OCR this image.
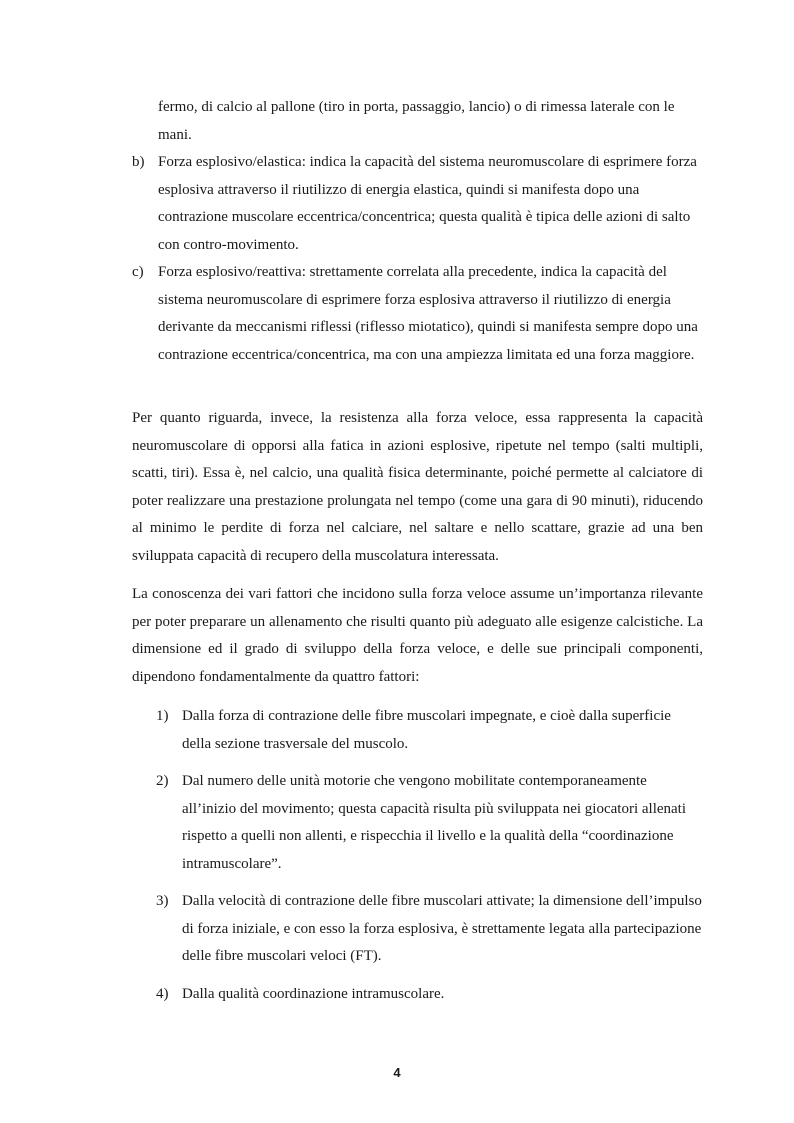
fermo, di calcio al pallone (tiro in porta, passaggio, lancio) o di rimessa laterale con le mani.

b) Forza esplosivo/elastica: indica la capacità del sistema neuromuscolare di esprimere forza esplosiva attraverso il riutilizzo di energia elastica, quindi si manifesta dopo una contrazione muscolare eccentrica/concentrica; questa qualità è tipica delle azioni di salto con contro-movimento.
c) Forza esplosivo/reattiva: strettamente correlata alla precedente, indica la capacità del sistema neuromuscolare di esprimere forza esplosiva attraverso il riutilizzo di energia derivante da meccanismi riflessi (riflesso miotatico), quindi si manifesta sempre dopo una contrazione eccentrica/concentrica, ma con una ampiezza limitata ed una forza maggiore.

Per quanto riguarda, invece, la resistenza alla forza veloce, essa rappresenta la capacità neuromuscolare di opporsi alla fatica in azioni esplosive, ripetute nel tempo (salti multipli, scatti, tiri). Essa è, nel calcio, una qualità fisica determinante, poiché permette al calciatore di poter realizzare una prestazione prolungata nel tempo (come una gara di 90 minuti), riducendo al minimo le perdite di forza nel calciare, nel saltare e nello scattare, grazie ad una ben sviluppata capacità di recupero della muscolatura interessata.

La conoscenza dei vari fattori che incidono sulla forza veloce assume un’importanza rilevante per poter preparare un allenamento che risulti quanto più adeguato alle esigenze calcistiche. La dimensione ed il grado di sviluppo della forza veloce, e delle sue principali componenti, dipendono fondamentalmente da quattro fattori:

1) Dalla forza di contrazione delle fibre muscolari impegnate, e cioè dalla superficie della sezione trasversale del muscolo.
2) Dal numero delle unità motorie che vengono mobilitate contemporaneamente all’inizio del movimento; questa capacità risulta più sviluppata nei giocatori allenati rispetto a quelli non allenti, e rispecchia il livello e la qualità della “coordinazione intramuscolare”.
3) Dalla velocità di contrazione delle fibre muscolari attivate; la dimensione dell’impulso di forza iniziale, e con esso la forza esplosiva, è strettamente legata alla partecipazione delle fibre muscolari veloci (FT).
4) Dalla qualità coordinazione intramuscolare.
4
